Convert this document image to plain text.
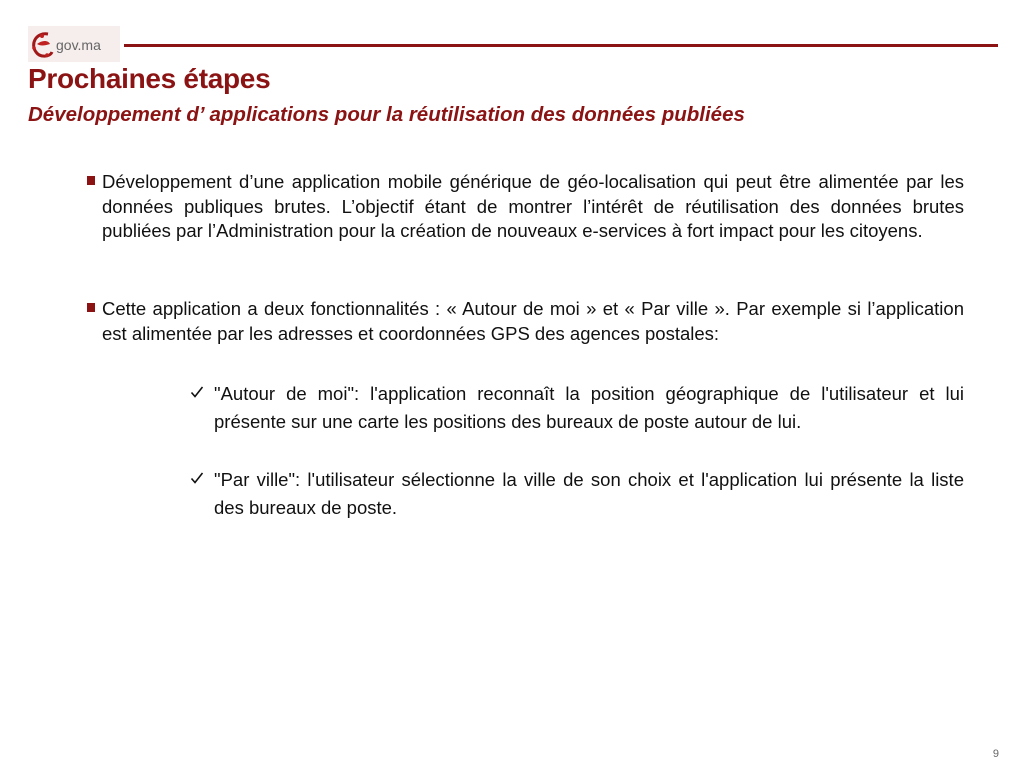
gov.ma
Prochaines étapes
Développement d’ applications pour la réutilisation des données publiées

Développement d’une application mobile générique de géo-localisation qui peut être alimentée par les données publiques brutes. L’objectif étant de montrer l’intérêt de réutilisation des données brutes publiées par l’Administration pour la création de nouveaux e-services à fort impact pour les citoyens.

Cette application a deux fonctionnalités : « Autour de moi » et « Par ville ». Par exemple si l’application est alimentée par les adresses et coordonnées GPS des agences postales:

"Autour de moi": l'application reconnaît la position géographique de l'utilisateur et lui présente sur une carte les positions des bureaux de poste autour de lui.

"Par ville": l'utilisateur sélectionne la ville de son choix et l'application lui présente la liste des bureaux de poste.

9
